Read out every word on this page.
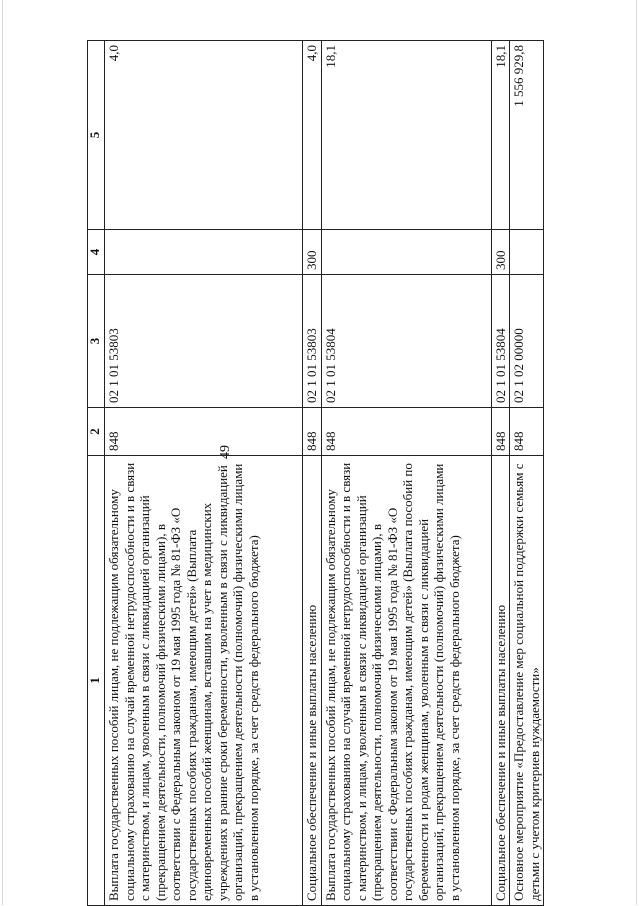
49
1	2	3	4	5
Выплата государственных пособий лицам, не подлежащим обязательному социальному страхованию на случай временной нетрудоспособности и в связи с материнством, и лицам, уволенным в связи с ликвидацией организаций (прекращением деятельности, полномочий физическими лицами), в соответствии с Федеральным законом от 19 мая 1995 года № 81-ФЗ «О государственных пособиях гражданам, имеющим детей» (Выплата единовременных пособий женщинам, вставшим на учет в медицинских учреждениях в ранние сроки беременности, уволенным в связи с ликвидацией организаций, прекращением деятельности (полномочий) физическими лицами в установленном порядке, за счет средств федерального бюджета)	848	02 1 01 53803		4,0
Социальное обеспечение и иные выплаты населению	848	02 1 01 53803	300	4,0
Выплата государственных пособий лицам, не подлежащим обязательному социальному страхованию на случай временной нетрудоспособности и в связи с материнством, и лицам, уволенным в связи с ликвидацией организаций (прекращением деятельности, полномочий физическими лицами), в соответствии с Федеральным законом от 19 мая 1995 года № 81-ФЗ «О государственных пособиях гражданам, имеющим детей» (Выплата пособий по беременности и родам женщинам, уволенным в связи с ликвидацией организаций, прекращением деятельности (полномочий) физическими лицами в установленном порядке, за счет средств федерального бюджета)	848	02 1 01 53804		18,1
Социальное обеспечение и иные выплаты населению	848	02 1 01 53804	300	18,1
Основное мероприятие «Предоставление мер социальной поддержки семьям с детьми с учетом критериев нуждаемости»	848	02 1 02 00000		1 556 929,8
